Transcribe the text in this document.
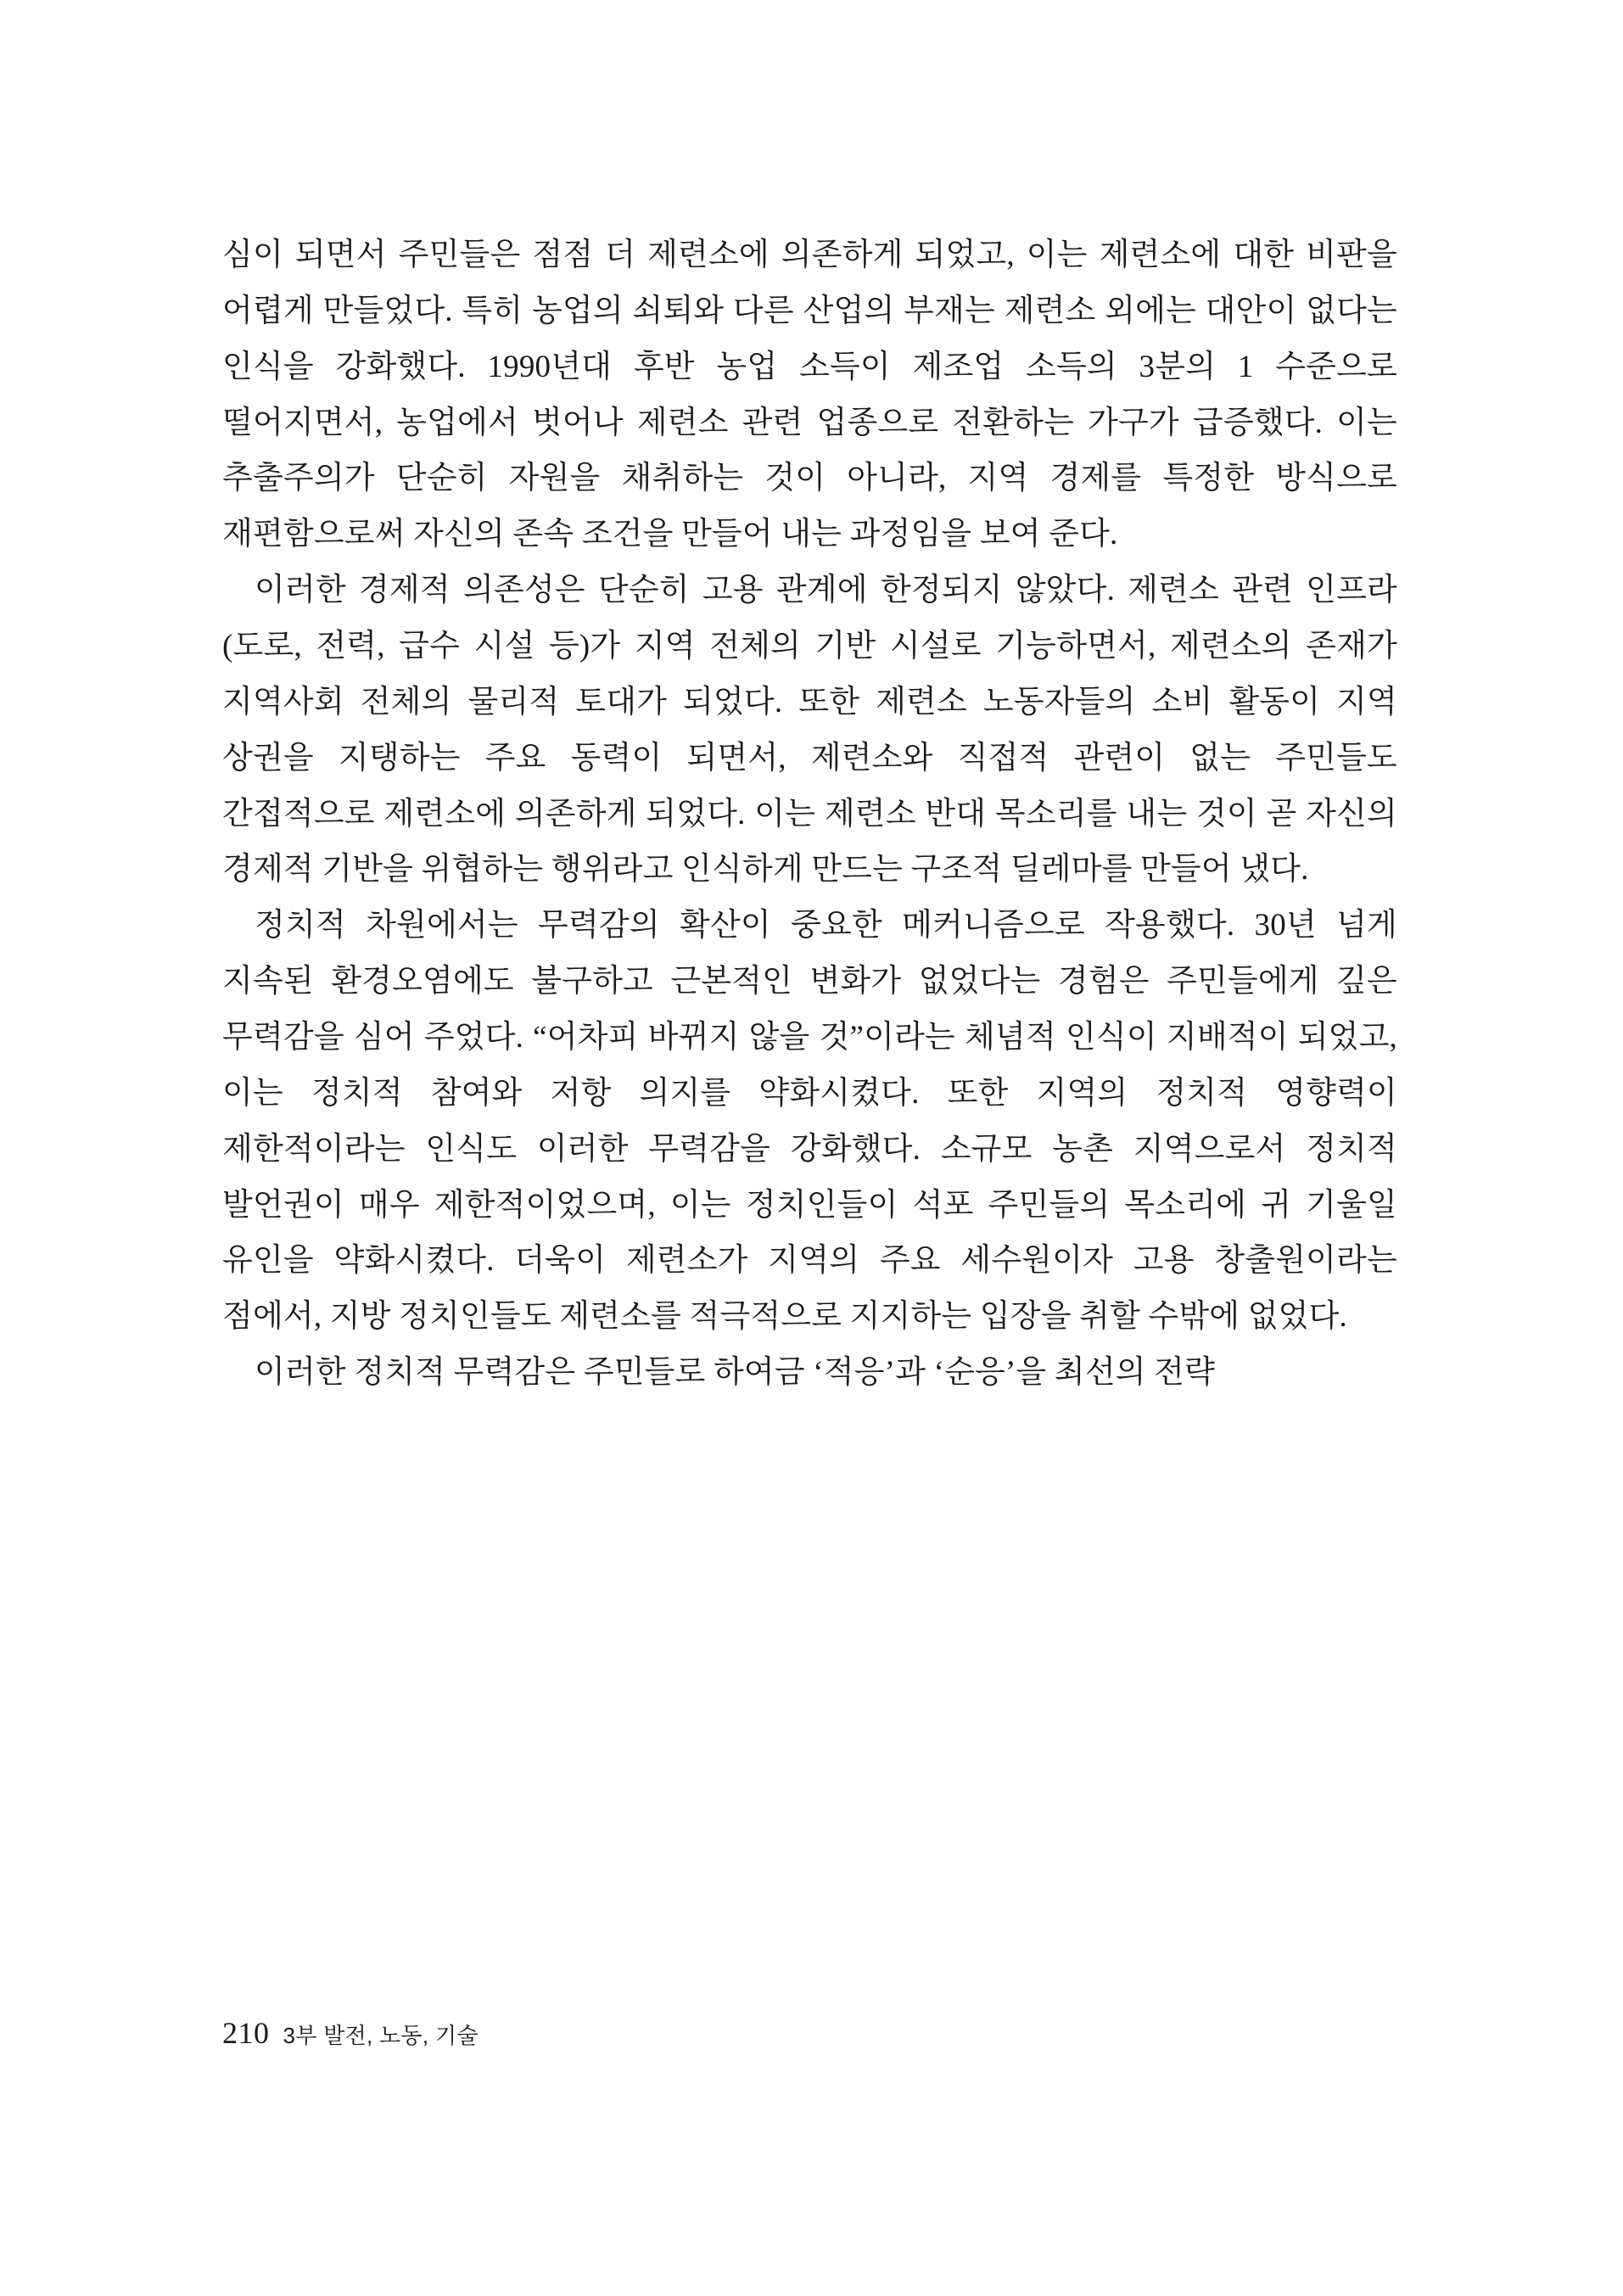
심이 되면서 주민들은 점점 더 제련소에 의존하게 되었고, 이는 제련소에 대한 비판을 어렵게 만들었다. 특히 농업의 쇠퇴와 다른 산업의 부재는 제련소 외에는 대안이 없다는 인식을 강화했다. 1990년대 후반 농업 소득이 제조업 소득의 3분의 1 수준으로 떨어지면서, 농업에서 벗어나 제련소 관련 업종으로 전환하는 가구가 급증했다. 이는 추출주의가 단순히 자원을 채취하는 것이 아니라, 지역 경제를 특정한 방식으로 재편함으로써 자신의 존속 조건을 만들어 내는 과정임을 보여 준다.

이러한 경제적 의존성은 단순히 고용 관계에 한정되지 않았다. 제련소 관련 인프라(도로, 전력, 급수 시설 등)가 지역 전체의 기반 시설로 기능하면서, 제련소의 존재가 지역사회 전체의 물리적 토대가 되었다. 또한 제련소 노동자들의 소비 활동이 지역 상권을 지탱하는 주요 동력이 되면서, 제련소와 직접적 관련이 없는 주민들도 간접적으로 제련소에 의존하게 되었다. 이는 제련소 반대 목소리를 내는 것이 곧 자신의 경제적 기반을 위협하는 행위라고 인식하게 만드는 구조적 딜레마를 만들어 냈다.

정치적 차원에서는 무력감의 확산이 중요한 메커니즘으로 작용했다. 30년 넘게 지속된 환경오염에도 불구하고 근본적인 변화가 없었다는 경험은 주민들에게 깊은 무력감을 심어 주었다. “어차피 바뀌지 않을 것”이라는 체념적 인식이 지배적이 되었고, 이는 정치적 참여와 저항 의지를 약화시켰다. 또한 지역의 정치적 영향력이 제한적이라는 인식도 이러한 무력감을 강화했다. 소규모 농촌 지역으로서 정치적 발언권이 매우 제한적이었으며, 이는 정치인들이 석포 주민들의 목소리에 귀 기울일 유인을 약화시켰다. 더욱이 제련소가 지역의 주요 세수원이자 고용 창출원이라는 점에서, 지방 정치인들도 제련소를 적극적으로 지지하는 입장을 취할 수밖에 없었다.

이러한 정치적 무력감은 주민들로 하여금 ‘적응’과 ‘순응’을 최선의 전략

210 3부 발전, 노동, 기술
